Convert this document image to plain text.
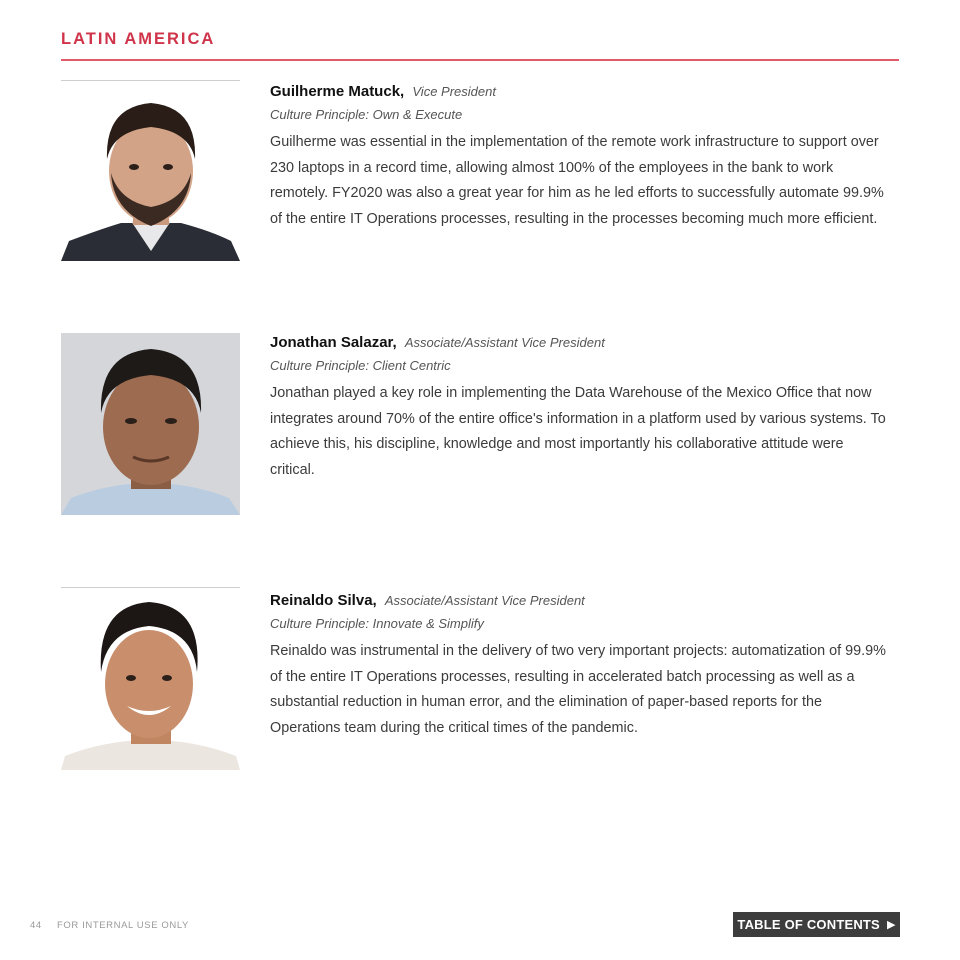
LATIN AMERICA
Guilherme Matuck, Vice President
Culture Principle: Own & Execute
Guilherme was essential in the implementation of the remote work infrastructure to support over 230 laptops in a record time, allowing almost 100% of the employees in the bank to work remotely. FY2020 was also a great year for him as he led efforts to successfully automate 99.9% of the entire IT Operations processes, resulting in the processes becoming much more efficient.
Jonathan Salazar, Associate/Assistant Vice President
Culture Principle: Client Centric
Jonathan played a key role in implementing the Data Warehouse of the Mexico Office that now integrates around 70% of the entire office's information in a platform used by various systems. To achieve this, his discipline, knowledge and most importantly his collaborative attitude were critical.
Reinaldo Silva, Associate/Assistant Vice President
Culture Principle: Innovate & Simplify
Reinaldo was instrumental in the delivery of two very important projects: automatization of 99.9% of the entire IT Operations processes, resulting in accelerated batch processing as well as a substantial reduction in human error, and the elimination of paper-based reports for the Operations team during the critical times of the pandemic.
44 FOR INTERNAL USE ONLY	TABLE OF CONTENTS ▶
